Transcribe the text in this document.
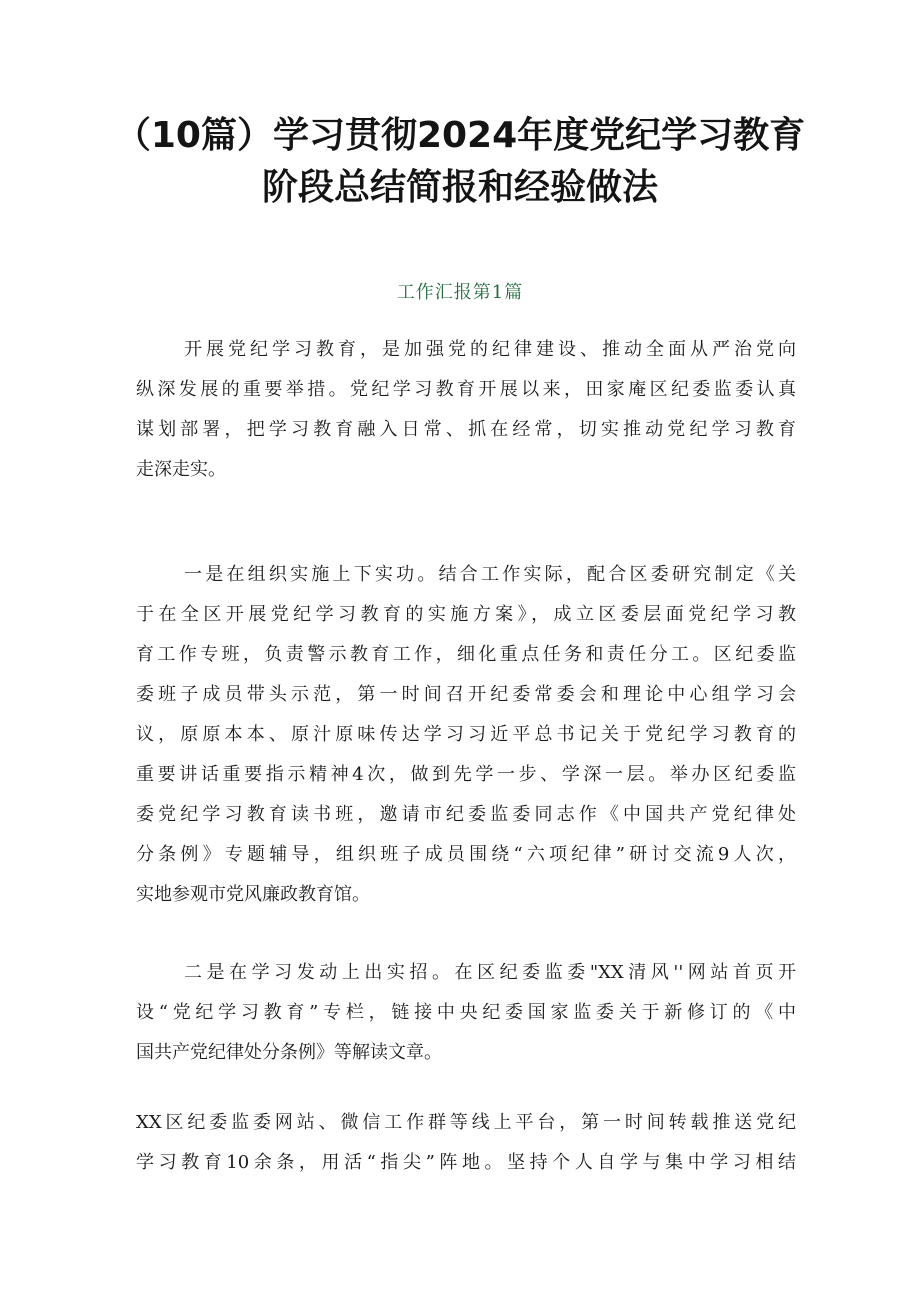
（10篇）学习贯彻2024年度党纪学习教育
阶段总结简报和经验做法
工作汇报第1篇
开展党纪学习教育，是加强党的纪律建设、推动全面从严治党向
纵深发展的重要举措。党纪学习教育开展以来，田家庵区纪委监委认真
谋划部署，把学习教育融入日常、抓在经常，切实推动党纪学习教育
走深走实。
一是在组织实施上下实功。结合工作实际，配合区委研究制定《关
于在全区开展党纪学习教育的实施方案》，成立区委层面党纪学习教
育工作专班，负责警示教育工作，细化重点任务和责任分工。区纪委监
委班子成员带头示范，第一时间召开纪委常委会和理论中心组学习会
议，原原本本、原汁原味传达学习习近平总书记关于党纪学习教育的
重要讲话重要指示精神4次，做到先学一步、学深一层。举办区纪委监
委党纪学习教育读书班，邀请市纪委监委同志作《中国共产党纪律处
分条例》专题辅导，组织班子成员围绕“六项纪律”研讨交流9人次，
实地参观市党风廉政教育馆。
二是在学习发动上出实招。在区纪委监委"XX清风''网站首页开
设“党纪学习教育”专栏，链接中央纪委国家监委关于新修订的《中
国共产党纪律处分条例》等解读文章。
XX区纪委监委网站、微信工作群等线上平台，第一时间转载推送党纪
学习教育10余条，用活“指尖”阵地。坚持个人自学与集中学习相结
